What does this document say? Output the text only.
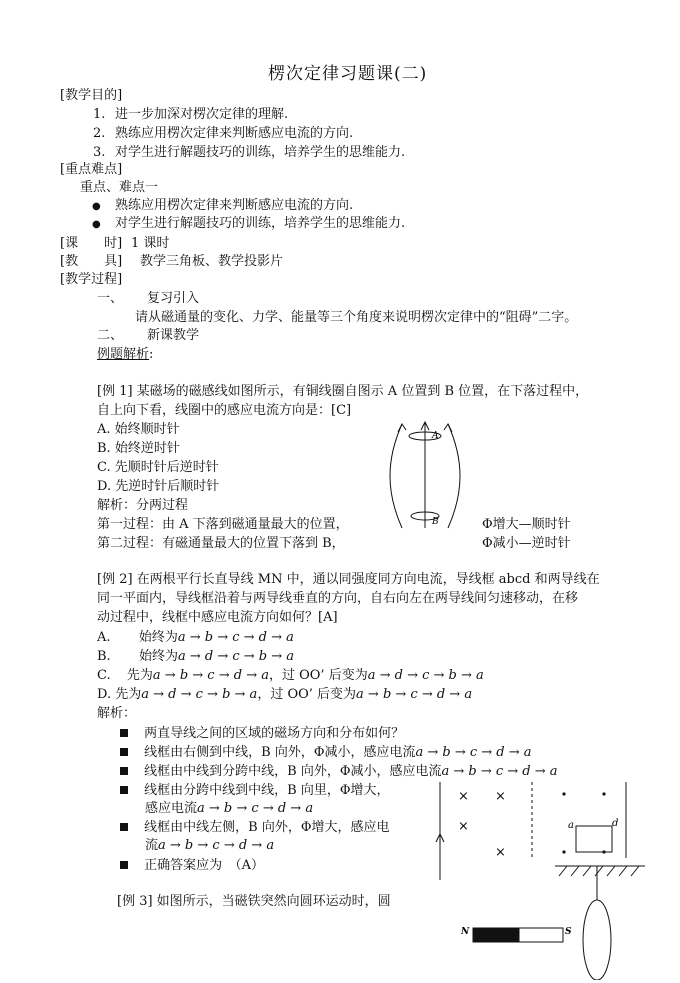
楞次定律习题课(二)
[教学目的]
1. 进一步加深对楞次定律的理解.
2. 熟练应用楞次定律来判断感应电流的方向.
3. 对学生进行解题技巧的训练，培养学生的思维能力.
[重点难点]
重点、难点一
● 熟练应用楞次定律来判断感应电流的方向.
● 对学生进行解题技巧的训练，培养学生的思维能力.
[课　　时] 1 课时
[教　　具] 教学三角板、教学投影片
[教学过程]
一、 复习引入
请从磁通量的变化、力学、能量等三个角度来说明楞次定律中的“阻碍”二字。
二、 新课教学
例题解析:
[例 1] 某磁场的磁感线如图所示，有铜线圈自图示 A 位置到 B 位置，在下落过程中，
自上向下看，线圈中的感应电流方向是：[C]
A. 始终顺时针
B. 始终逆时针
C. 先顺时针后逆时针
D. 先逆时针后顺时针
解析：分两过程
第一过程：由 A 下落到磁通量最大的位置，	Φ增大—顺时针
第二过程：有磁通量最大的位置下落到 B，	Φ减小—逆时针
A
B
[例 2] 在两根平行长直导线 MN 中，通以同强度同方向电流，导线框 abcd 和两导线在
同一平面内，导线框沿着与两导线垂直的方向，自右向左在两导线间匀速移动，在移
动过程中，线框中感应电流方向如何？[A]
A. 始终为a → b → c → d → a
B. 始终为a → d → c → b → a
C. 先为a → b → c → d → a，过 OO’ 后变为a → d → c → b → a
D. 先为a → d → c → b → a，过 OO’ 后变为a → b → c → d → a
解析：
两直导线之间的区域的磁场方向和分布如何？
线框由右侧到中线，B 向外，Φ减小，感应电流a → b → c → d → a
线框由中线到分跨中线，B 向外，Φ减小，感应电流a → b → c → d → a
线框由分跨中线到中线，B 向里，Φ增大，
感应电流a → b → c → d → a
线框由中线左侧，B 向外，Φ增大，感应电
流a → b → c → d → a
正确答案应为　（A）
× ×
×
×
a	d
[例 3] 如图所示，当磁铁突然向圆环运动时，圆
N	S
